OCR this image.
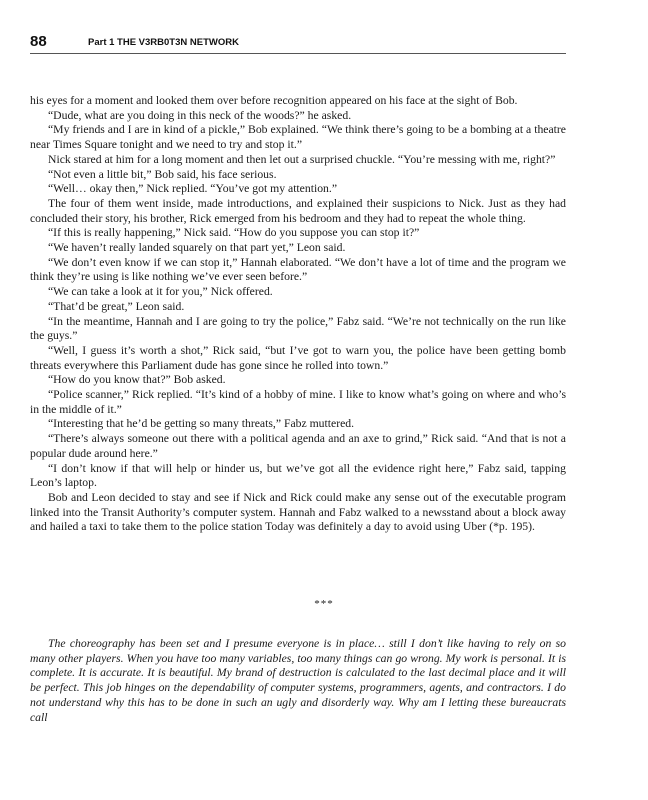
88	Part 1 THE V3RB0T3N NETWORK

his eyes for a moment and looked them over before recognition appeared on his face at the sight of Bob.

“Dude, what are you doing in this neck of the woods?” he asked.

“My friends and I are in kind of a pickle,” Bob explained. “We think there’s going to be a bombing at a theatre near Times Square tonight and we need to try and stop it.”

Nick stared at him for a long moment and then let out a surprised chuckle. “You’re messing with me, right?”

“Not even a little bit,” Bob said, his face serious.

“Well… okay then,” Nick replied. “You’ve got my attention.”

The four of them went inside, made introductions, and explained their suspicions to Nick. Just as they had concluded their story, his brother, Rick emerged from his bedroom and they had to repeat the whole thing.

“If this is really happening,” Nick said. “How do you suppose you can stop it?”

“We haven’t really landed squarely on that part yet,” Leon said.

“We don’t even know if we can stop it,” Hannah elaborated. “We don’t have a lot of time and the program we think they’re using is like nothing we’ve ever seen before.”

“We can take a look at it for you,” Nick offered.

“That’d be great,” Leon said.

“In the meantime, Hannah and I are going to try the police,” Fabz said. “We’re not technically on the run like the guys.”

“Well, I guess it’s worth a shot,” Rick said, “but I’ve got to warn you, the police have been getting bomb threats everywhere this Parliament dude has gone since he rolled into town.”

“How do you know that?” Bob asked.

“Police scanner,” Rick replied. “It’s kind of a hobby of mine. I like to know what’s going on where and who’s in the middle of it.”

“Interesting that he’d be getting so many threats,” Fabz muttered.

“There’s always someone out there with a political agenda and an axe to grind,” Rick said. “And that is not a popular dude around here.”

“I don’t know if that will help or hinder us, but we’ve got all the evidence right here,” Fabz said, tapping Leon’s laptop.

Bob and Leon decided to stay and see if Nick and Rick could make any sense out of the executable program linked into the Transit Authority’s computer system. Hannah and Fabz walked to a newsstand about a block away and hailed a taxi to take them to the police station Today was definitely a day to avoid using Uber (*p. 195).

***

The choreography has been set and I presume everyone is in place… still I don’t like having to rely on so many other players. When you have too many variables, too many things can go wrong. My work is personal. It is complete. It is accurate. It is beautiful. My brand of destruction is calculated to the last decimal place and it will be perfect. This job hinges on the dependability of computer systems, programmers, agents, and contractors. I do not understand why this has to be done in such an ugly and disorderly way. Why am I letting these bureaucrats call
